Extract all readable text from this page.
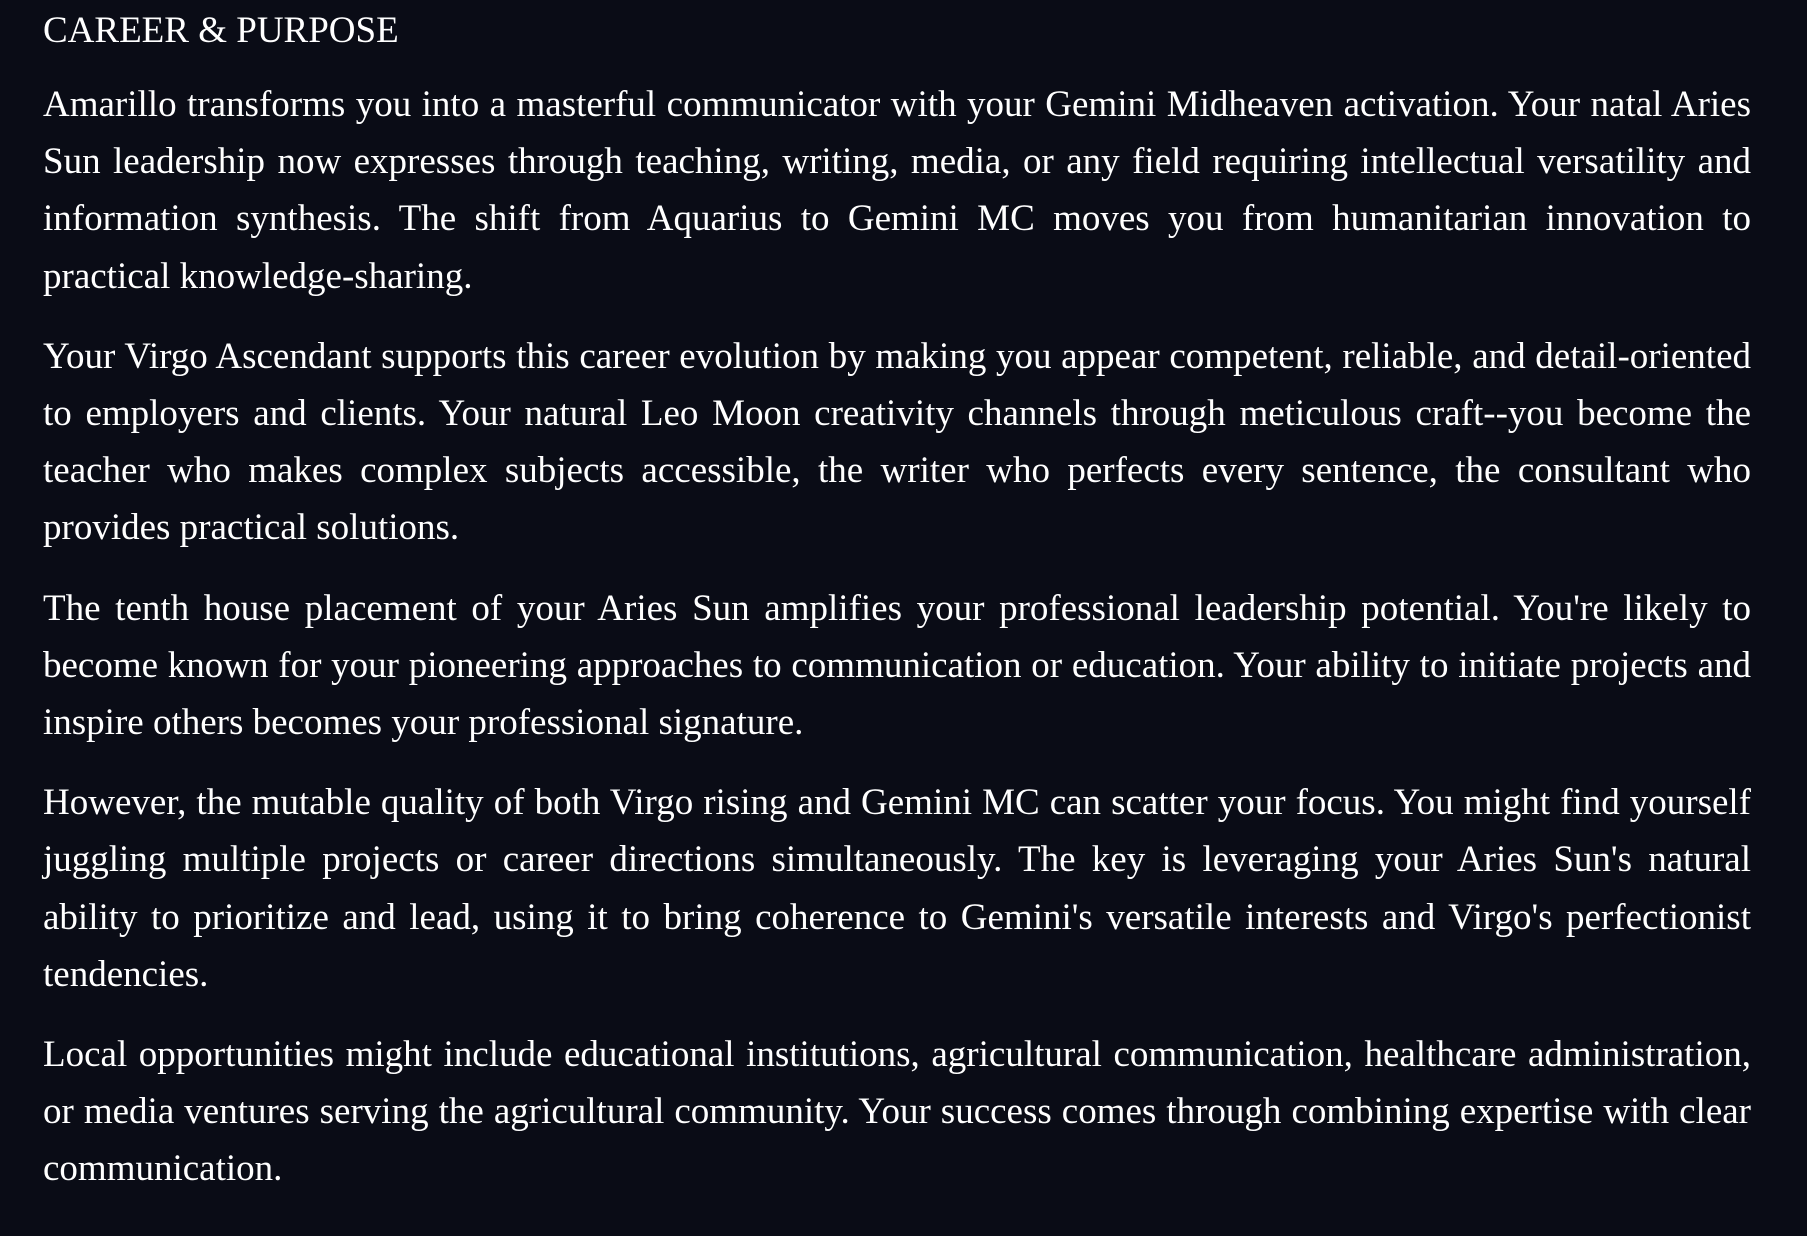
CAREER & PURPOSE

Amarillo transforms you into a masterful communicator with your Gemini Midheaven activation. Your natal Aries Sun leadership now expresses through teaching, writing, media, or any field requiring intellectual versatility and information synthesis. The shift from Aquarius to Gemini MC moves you from humanitarian innovation to practical knowledge-sharing.

Your Virgo Ascendant supports this career evolution by making you appear competent, reliable, and detail-oriented to employers and clients. Your natural Leo Moon creativity channels through meticulous craft--you become the teacher who makes complex subjects accessible, the writer who perfects every sentence, the consultant who provides practical solutions.

The tenth house placement of your Aries Sun amplifies your professional leadership potential. You're likely to become known for your pioneering approaches to communication or education. Your ability to initiate projects and inspire others becomes your professional signature.

However, the mutable quality of both Virgo rising and Gemini MC can scatter your focus. You might find yourself juggling multiple projects or career directions simultaneously. The key is leveraging your Aries Sun's natural ability to prioritize and lead, using it to bring coherence to Gemini's versatile interests and Virgo's perfectionist tendencies.

Local opportunities might include educational institutions, agricultural communication, healthcare administration, or media ventures serving the agricultural community. Your success comes through combining expertise with clear communication.
